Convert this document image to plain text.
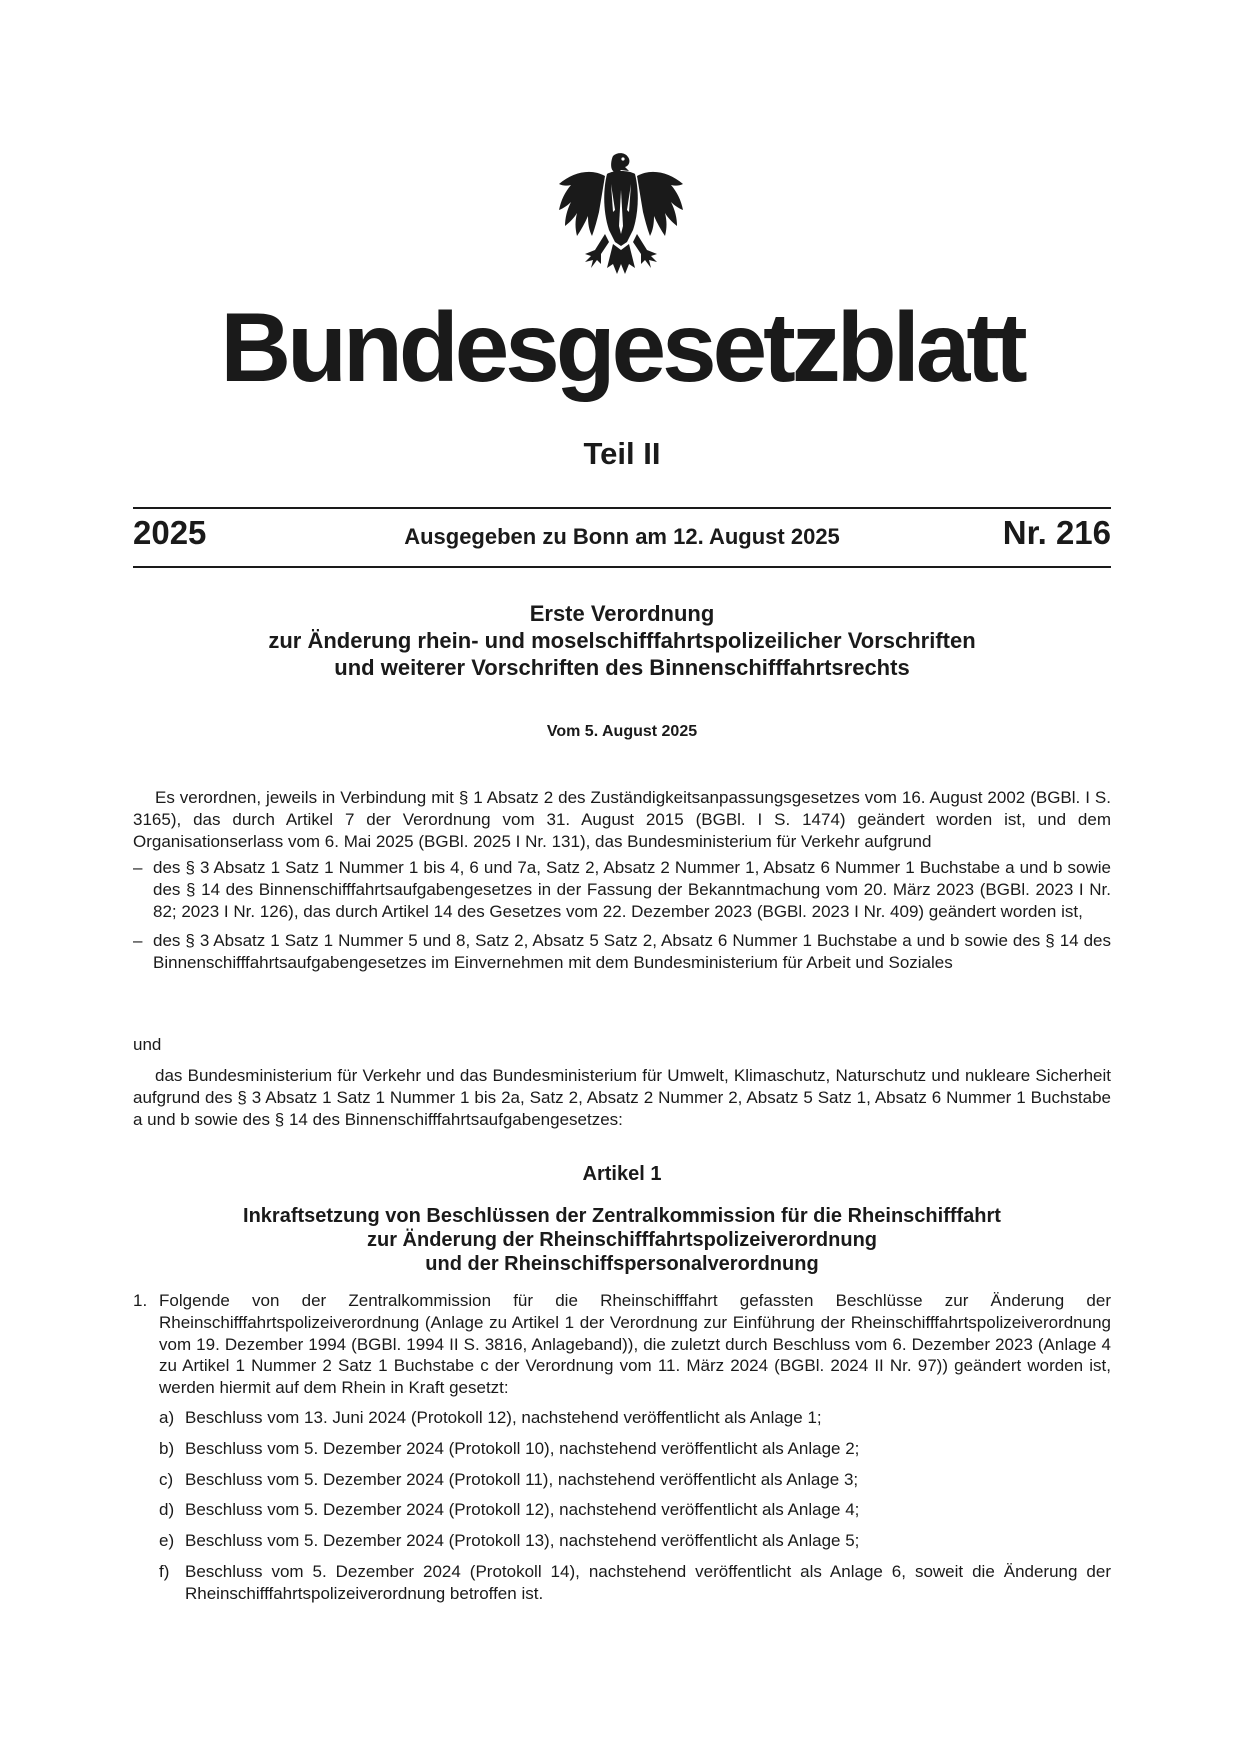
Bundesgesetzblatt
Teil II
2025	Ausgegeben zu Bonn am 12. August 2025	Nr. 216
Erste Verordnung
zur Änderung rhein- und moselschifffahrtspolizeilicher Vorschriften
und weiterer Vorschriften des Binnenschifffahrtsrechts
Vom 5. August 2025
Es verordnen, jeweils in Verbindung mit § 1 Absatz 2 des Zuständigkeitsanpassungsgesetzes vom 16. August 2002 (BGBl. I S. 3165), das durch Artikel 7 der Verordnung vom 31. August 2015 (BGBl. I S. 1474) geändert worden ist, und dem Organisationserlass vom 6. Mai 2025 (BGBl. 2025 I Nr. 131), das Bundesministerium für Verkehr aufgrund
– des § 3 Absatz 1 Satz 1 Nummer 1 bis 4, 6 und 7a, Satz 2, Absatz 2 Nummer 1, Absatz 6 Nummer 1 Buchstabe a und b sowie des § 14 des Binnenschifffahrtsaufgabengesetzes in der Fassung der Bekanntmachung vom 20. März 2023 (BGBl. 2023 I Nr. 82; 2023 I Nr. 126), das durch Artikel 14 des Gesetzes vom 22. Dezember 2023 (BGBl. 2023 I Nr. 409) geändert worden ist,
– des § 3 Absatz 1 Satz 1 Nummer 5 und 8, Satz 2, Absatz 5 Satz 2, Absatz 6 Nummer 1 Buchstabe a und b sowie des § 14 des Binnenschifffahrtsaufgabengesetzes im Einvernehmen mit dem Bundesministerium für Arbeit und Soziales
und
das Bundesministerium für Verkehr und das Bundesministerium für Umwelt, Klimaschutz, Naturschutz und nukleare Sicherheit aufgrund des § 3 Absatz 1 Satz 1 Nummer 1 bis 2a, Satz 2, Absatz 2 Nummer 2, Absatz 5 Satz 1, Absatz 6 Nummer 1 Buchstabe a und b sowie des § 14 des Binnenschifffahrtsaufgabengesetzes:
Artikel 1
Inkraftsetzung von Beschlüssen der Zentralkommission für die Rheinschifffahrt
zur Änderung der Rheinschifffahrtspolizeiverordnung
und der Rheinschiffspersonalverordnung
1. Folgende von der Zentralkommission für die Rheinschifffahrt gefassten Beschlüsse zur Änderung der Rheinschifffahrtspolizeiverordnung (Anlage zu Artikel 1 der Verordnung zur Einführung der Rheinschifffahrtspolizeiverordnung vom 19. Dezember 1994 (BGBl. 1994 II S. 3816, Anlageband)), die zuletzt durch Beschluss vom 6. Dezember 2023 (Anlage 4 zu Artikel 1 Nummer 2 Satz 1 Buchstabe c der Verordnung vom 11. März 2024 (BGBl. 2024 II Nr. 97)) geändert worden ist, werden hiermit auf dem Rhein in Kraft gesetzt:
a) Beschluss vom 13. Juni 2024 (Protokoll 12), nachstehend veröffentlicht als Anlage 1;
b) Beschluss vom 5. Dezember 2024 (Protokoll 10), nachstehend veröffentlicht als Anlage 2;
c) Beschluss vom 5. Dezember 2024 (Protokoll 11), nachstehend veröffentlicht als Anlage 3;
d) Beschluss vom 5. Dezember 2024 (Protokoll 12), nachstehend veröffentlicht als Anlage 4;
e) Beschluss vom 5. Dezember 2024 (Protokoll 13), nachstehend veröffentlicht als Anlage 5;
f) Beschluss vom 5. Dezember 2024 (Protokoll 14), nachstehend veröffentlicht als Anlage 6, soweit die Änderung der Rheinschifffahrtspolizeiverordnung betroffen ist.
